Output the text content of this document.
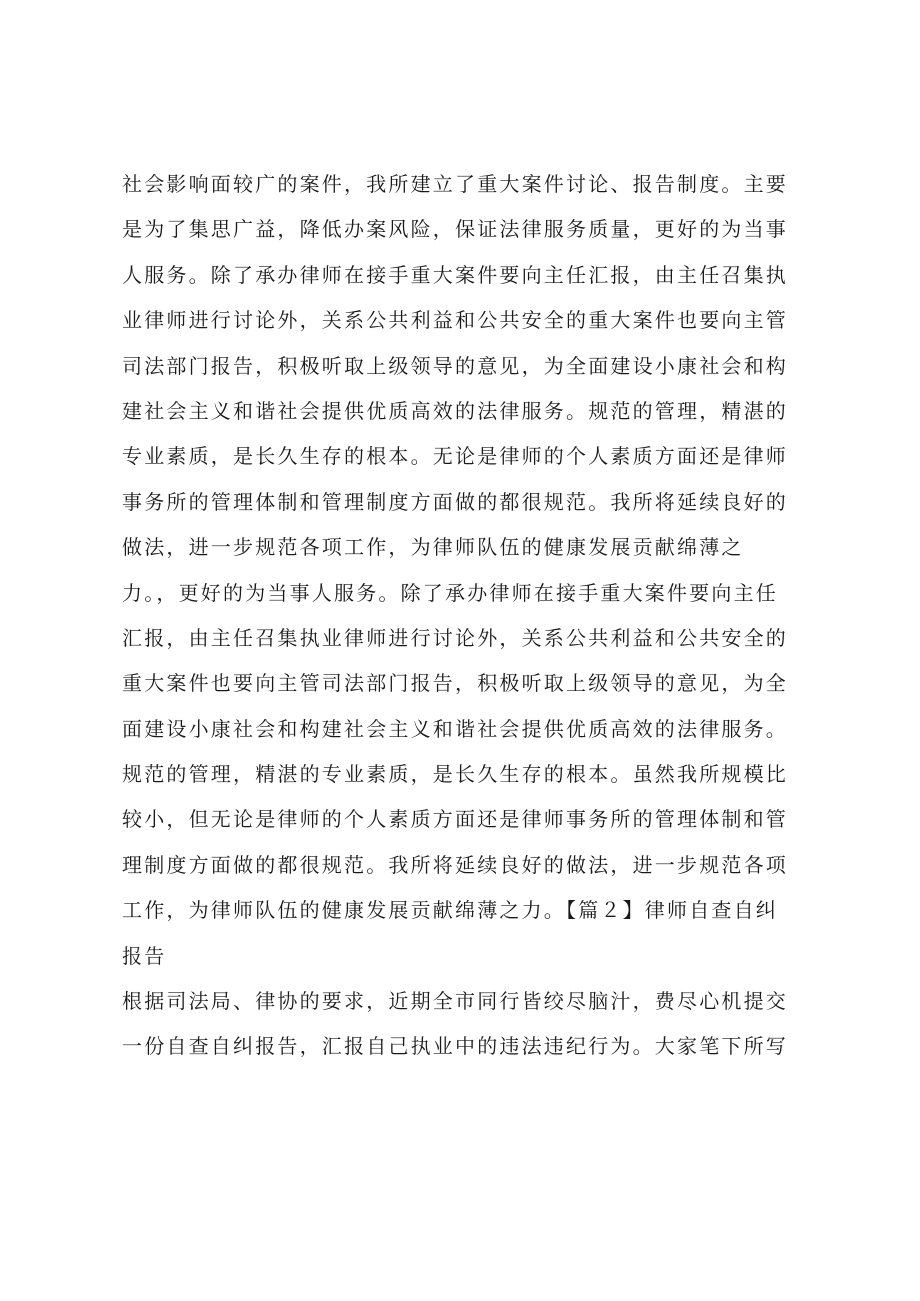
社会影响面较广的案件，我所建立了重大案件讨论、报告制度。主要
是为了集思广益，降低办案风险，保证法律服务质量，更好的为当事
人服务。除了承办律师在接手重大案件要向主任汇报，由主任召集执
业律师进行讨论外，关系公共利益和公共安全的重大案件也要向主管
司法部门报告，积极听取上级领导的意见，为全面建设小康社会和构
建社会主义和谐社会提供优质高效的法律服务。规范的管理，精湛的
专业素质，是长久生存的根本。无论是律师的个人素质方面还是律师
事务所的管理体制和管理制度方面做的都很规范。我所将延续良好的
做法，进一步规范各项工作，为律师队伍的健康发展贡献绵薄之
力。，更好的为当事人服务。除了承办律师在接手重大案件要向主任
汇报，由主任召集执业律师进行讨论外，关系公共利益和公共安全的
重大案件也要向主管司法部门报告，积极听取上级领导的意见，为全
面建设小康社会和构建社会主义和谐社会提供优质高效的法律服务。
规范的管理，精湛的专业素质，是长久生存的根本。虽然我所规模比
较小，但无论是律师的个人素质方面还是律师事务所的管理体制和管
理制度方面做的都很规范。我所将延续良好的做法，进一步规范各项
工作，为律师队伍的健康发展贡献绵薄之力。【篇２】律师自查自纠
报告
根据司法局、律协的要求，近期全市同行皆绞尽脑汁，费尽心机提交
一份自查自纠报告，汇报自己执业中的违法违纪行为。大家笔下所写
